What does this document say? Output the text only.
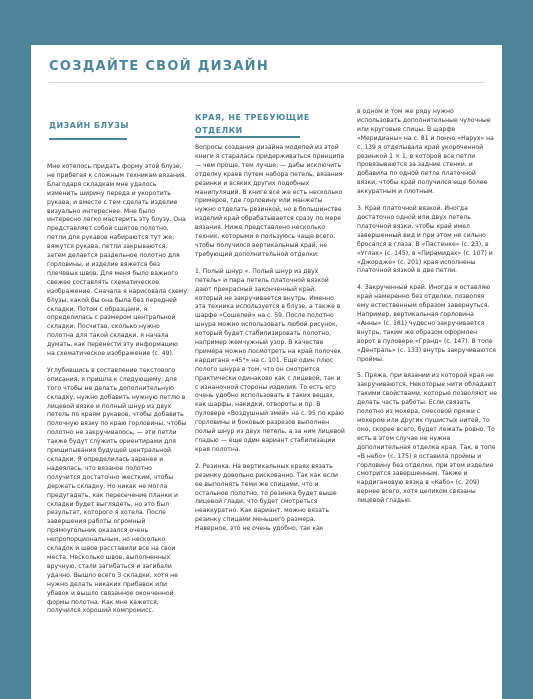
СОЗДАЙТЕ СВОЙ ДИЗАЙН
ДИЗАЙН БЛУЗЫ
КРАЯ, НЕ ТРЕБУЮЩИЕ
ОТДЕЛКИ

Мне хотелось придать форму этой блузе, не прибегая к сложным техникам вязания. Благодаря складкам мне удалось изменить ширину переда и укоротить рукава, и вместе с тем сделать изделие визуально интереснее. Мне было интересно легко мастерить эту блузу. Она представляет собой сшитое полотно, петли для рукавов набираются тут же, вяжутся рукава, петли закрываются, затем делается раздельное полотно для горловины, и изделие вяжется без плечевых швов. Для меня было важного свежее составлять схематическое изображение. Сначала я нарисовала схему блузы, какой бы она была без передней складки. Потом с образцами, я определилась с размером центральной складки. Посчитав, сколько нужно полотна для такой складки, я начала думать, как перенести эту информацию на схематическое изображение (с. 49).

Углубившись в составление текстового описания, я пришла к следующему: для того чтобы не делать дополнительную складку, нужно добавить нужную петлю в лицевой вязке и полный шнур из двух петель по краям рукавов, чтобы добавить полочную вязку по краю горловины, чтобы полотно не закручивалось, — эти петли также будут служить ориентирами для прищипывания будущей центральной складки. Я определилась заранее и надеялась, что вязаное полотно получится достаточно жестким, чтобы держать складку. Но никак не могла предугадать, как пересечение планки и складки будет выглядеть, но это был результат, которого я хотела. После завершения работы огромный прямоугольник оказался очень непропорциональным, но несколько складок и швов расставили все на свои места. Несколько швов, выполненных вручную, стали загибаться и загибали удачно. Вышло всего 3 складки, хотя не нужно делать никаких прибавок или убавок и вышло связанное оконченной формы полотна. Как мне кажется, получился хороший компромисс.

Вопросы создания дизайна моделей из этой книги я старалась придерживаться принципа — чем проще, тем лучше, — дабы исключить отделку краев путем набора петель, вязания резинки и всяких других подобных манипуляций. В книге все же есть несколько примеров, где горловину или манжеты нужно отделать резинкой, но в большинстве изделий край обрабатывается сразу по мере вязания. Ниже представлено несколько техник, которыми я пользуюсь чаще всего, чтобы получился вертикальный край, не требующий дополнительной отделки:

1. Полый шнур «. Полый шнур из двух петель» и пара петель платочной вязкой дают прекрасный законченный край, который не закручивается внутрь. Именно эта техника используется в блузе, а также в шарфе «Сошелей» на с. 59. После полотно шнура можно использовать любой рисунок, который будет стабилизировать полотно, например жемчужный узор. В качестве примера можно посмотреть на край полочек кардигана «45°» на с. 101. Еще один плюс полого шнура в том, что он смотрится практически одинаково как с лицевой, так и с изнаночной стороны изделия. То есть его очень удобно использовать в таких вещах, как шарфы, накидки, отвороты и пр. В пуловере «Воздушный змей» на с. 95 по краю горловины и боковых разрезов выполнен полый шнур из двух петель, а за ним лицевой гладью — еще один вариант стабилизации края полотна.

2. Резинка. На вертикальных краях вязать резинку довольно рискованно. Так как если ее выполнять теми же спицами, что и остальное полотно, то резинка будет выше лицевой глади, что будет смотреться неаккуратно. Как вариант, можно вязать резинку спицами меньшего размера. Наверное, это не очень удобно, так как

в одном и том же ряду нужно использовать дополнительные чулочные или круговые спицы. В шарфе «Меридианы» на с. 81 и пончо «Нарух» на с. 139 я отделывала край укороченной резинкой 1 × 1, в которой все петли провязываются за задние стенки, и добавила по одной петле платочной вязки, чтобы край получился еще более аккуратным и плотным.

3. Край платочной вязкой. Иногда достаточно одной или двух петель платочной вязки, чтобы край имел завершенный вид и при этом не сильно бросался в глаза. В «Пастенке» (с. 23), в «Углах» (с. 145), в «Пирамидах» (с. 107) и «Джордже» (с. 201) края исполнены платочной вязкой в две петли.

4. Закрученный край. Иногда я оставляю край намеренно без отделки, позволяя ему естественным образом завернуться. Например, вертикальная горловина «Анны» (с. 181) чудесно закручивается внутрь, таким же образом оформлен ворот в пуловере «Гранд» (с. 147). В топе «Дентраль» (с. 133) внутрь закручиваются проймы.

5. Пряжа, при вязании из которой края не закручиваются. Некоторые нити обладают такими свойствами, которые позволяют не делать часть работы. Если связать полотно из мохера, смесовой пряжи с мохером или других пушистых нитей, то оно, скорее всего, будет лежать ровно. То есть в этом случае не нужна дополнительная отделка края. Так, в топе «В небо» (с. 175) я оставила проймы и горловину без отделки, при этом изделие смотрится завершенным. Также и кардигановую вязка в «Кабо» (с. 209) вернее всего, хотя целиком связаны лицевой гладью.
